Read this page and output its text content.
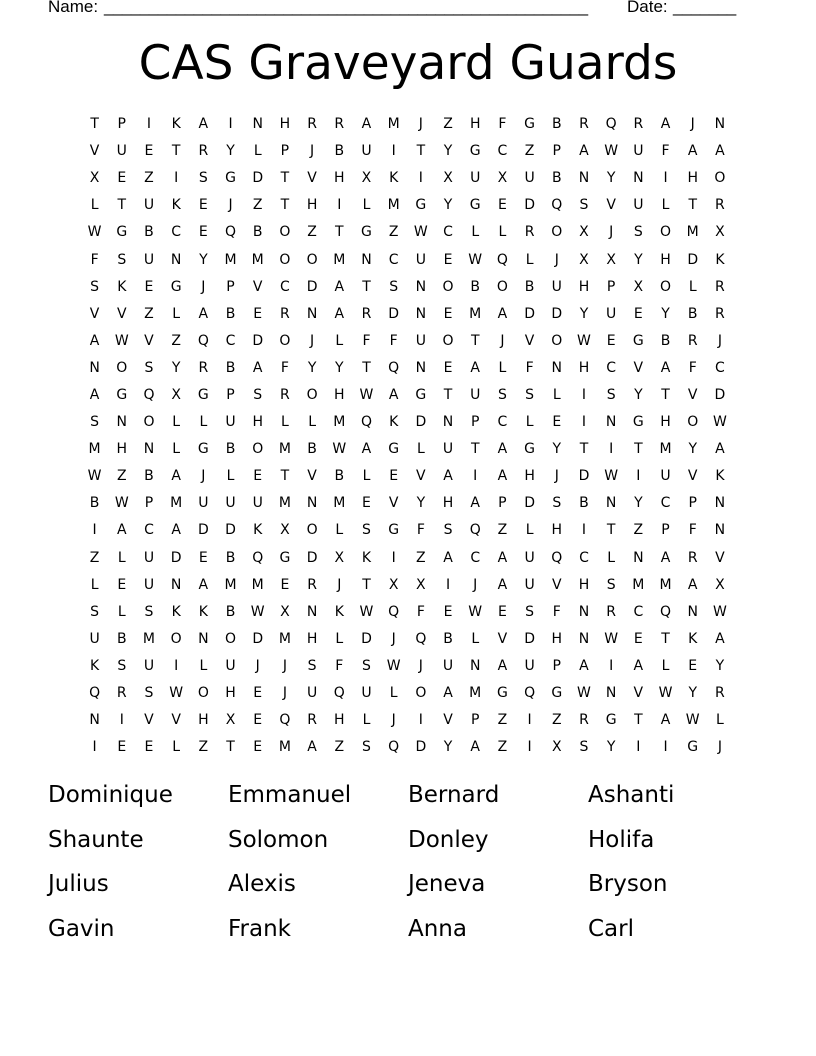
Name: ______________________________________________________ Date: _______
CAS Graveyard Guards
T	P	I	K	A	I	N	H	R	R	A	M	J	Z	H	F	G	B	R	Q	R	A	J	N
V	U	E	T	R	Y	L	P	J	B	U	I	T	Y	G	C	Z	P	A	W	U	F	A	A
X	E	Z	I	S	G	D	T	V	H	X	K	I	X	U	X	U	B	N	Y	N	I	H	O
L	T	U	K	E	J	Z	T	H	I	L	M	G	Y	G	E	D	Q	S	V	U	L	T	R
W	G	B	C	E	Q	B	O	Z	T	G	Z	W	C	L	L	R	O	X	J	S	O	M	X
F	S	U	N	Y	M	M	O	O	M	N	C	U	E	W	Q	L	J	X	X	Y	H	D	K
S	K	E	G	J	P	V	C	D	A	T	S	N	O	B	O	B	U	H	P	X	O	L	R
V	V	Z	L	A	B	E	R	N	A	R	D	N	E	M	A	D	D	Y	U	E	Y	B	R
A	W	V	Z	Q	C	D	O	J	L	F	F	U	O	T	J	V	O	W	E	G	B	R	J
N	O	S	Y	R	B	A	F	Y	Y	T	Q	N	E	A	L	F	N	H	C	V	A	F	C
A	G	Q	X	G	P	S	R	O	H	W	A	G	T	U	S	S	L	I	S	Y	T	V	D
S	N	O	L	L	U	H	L	L	M	Q	K	D	N	P	C	L	E	I	N	G	H	O	W
M	H	N	L	G	B	O	M	B	W	A	G	L	U	T	A	G	Y	T	I	T	M	Y	A
W	Z	B	A	J	L	E	T	V	B	L	E	V	A	I	A	H	J	D	W	I	U	V	K
B	W	P	M	U	U	U	M	N	M	E	V	Y	H	A	P	D	S	B	N	Y	C	P	N
I	A	C	A	D	D	K	X	O	L	S	G	F	S	Q	Z	L	H	I	T	Z	P	F	N
Z	L	U	D	E	B	Q	G	D	X	K	I	Z	A	C	A	U	Q	C	L	N	A	R	V
L	E	U	N	A	M	M	E	R	J	T	X	X	I	J	A	U	V	H	S	M	M	A	X
S	L	S	K	K	B	W	X	N	K	W	Q	F	E	W	E	S	F	N	R	C	Q	N	W
U	B	M	O	N	O	D	M	H	L	D	J	Q	B	L	V	D	H	N	W	E	T	K	A
K	S	U	I	L	U	J	J	S	F	S	W	J	U	N	A	U	P	A	I	A	L	E	Y
Q	R	S	W	O	H	E	J	U	Q	U	L	O	A	M	G	Q	G	W	N	V	W	Y	R
N	I	V	V	H	X	E	Q	R	H	L	J	I	V	P	Z	I	Z	R	G	T	A	W	L
I	E	E	L	Z	T	E	M	A	Z	S	Q	D	Y	A	Z	I	X	S	Y	I	I	G	J
Dominique	Emmanuel	Bernard	Ashanti
Shaunte	Solomon	Donley	Holifa
Julius	Alexis	Jeneva	Bryson
Gavin	Frank	Anna	Carl
